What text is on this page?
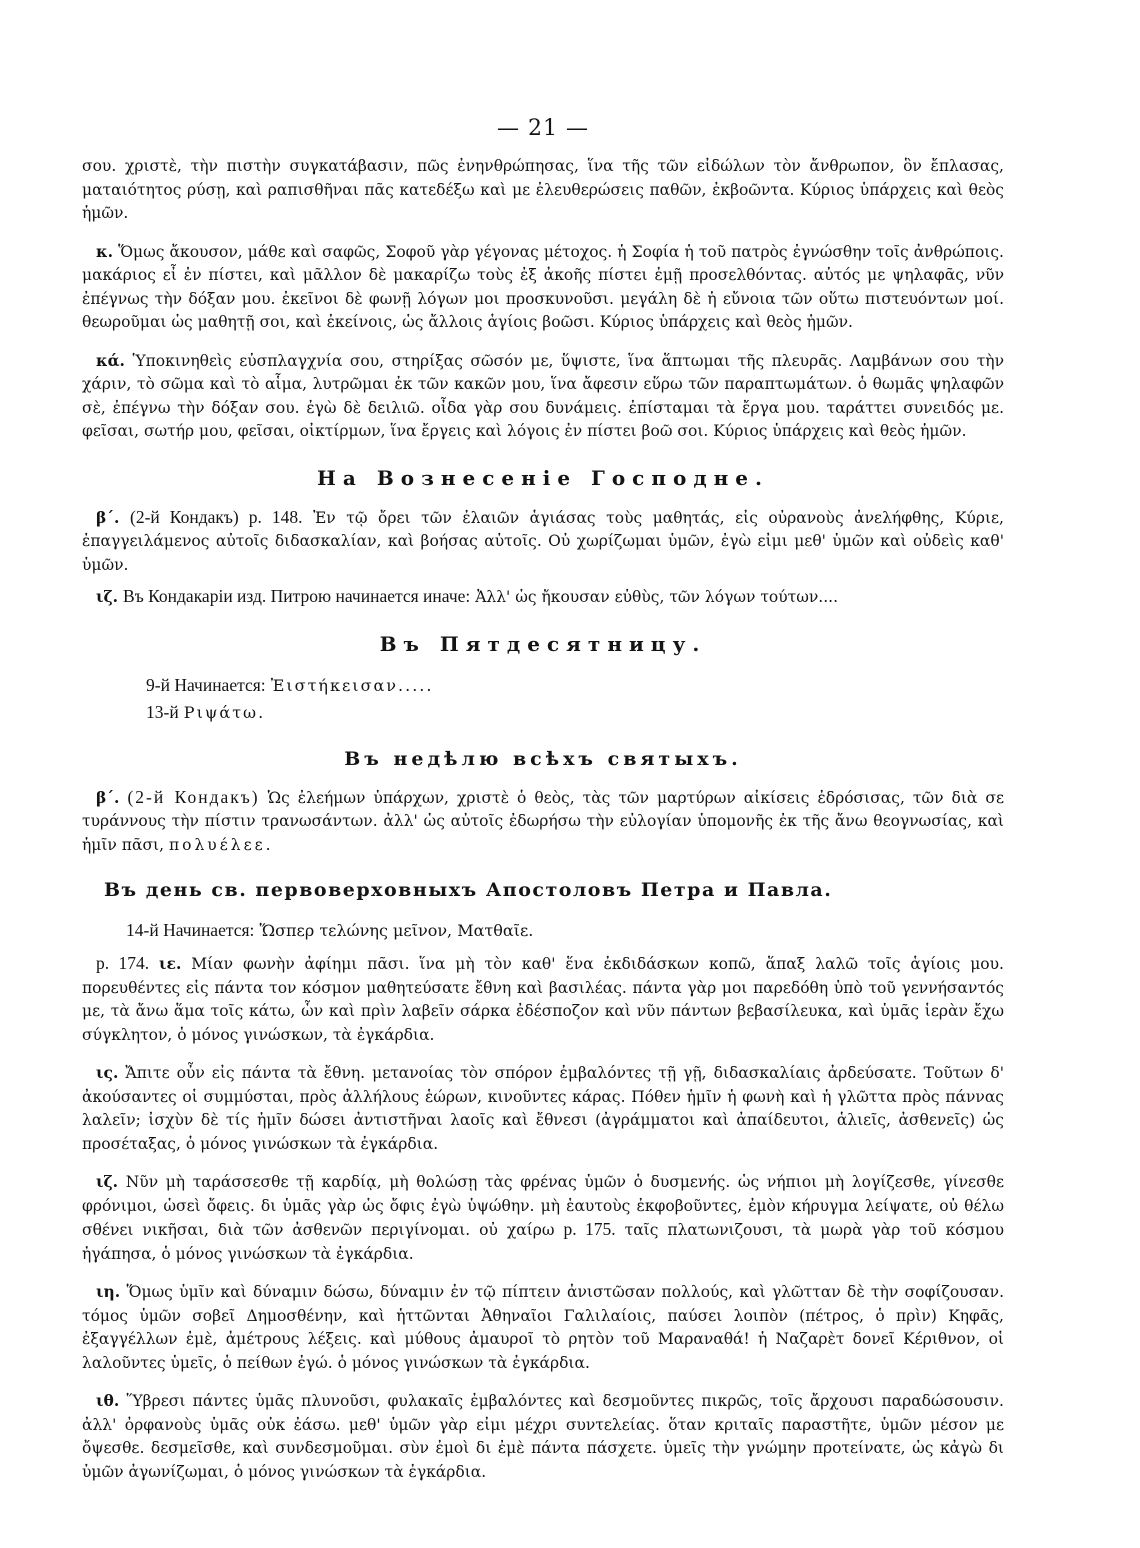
— 21 —

σου. χριστὲ, τὴν πιστὴν συγκατάβασιν, πῶς ἐνηνθρώπησας, ἵνα τῆς τῶν εἰδώλων τὸν ἄνθρωπον, ὃν ἔπλασας, ματαιότητος ρύσῃ, καὶ ραπισθῆναι πᾶς κατεδέξω καὶ με ἐλευθερώσεις παθῶν, ἐκβοῶντα. Κύριος ὑπάρχεις καὶ θεὸς ἡμῶν.

κ. Ὅμως ἄκουσον, μάθε καὶ σαφῶς, Σοφοῦ γὰρ γέγονας μέτοχος. ἡ Σοφία ἡ τοῦ πατρὸς ἐγνώσθην τοῖς ἀνθρώποις. μακάριος εἶ ἐν πίστει, καὶ μᾶλλον δὲ μακαρίζω τοὺς ἐξ ἀκοῆς πίστει ἐμῇ προσελθόντας. αὐτός με ψηλαφᾶς, νῦν ἐπέγνως τὴν δόξαν μου. ἐκεῖνοι δὲ φωνῇ λόγων μοι προσκυνοῦσι. μεγάλη δὲ ἡ εὔνοια τῶν οὕτω πιστευόντων μοί. θεωροῦμαι ὡς μαθητῇ σοι, καὶ ἐκείνοις, ὡς ἄλλοις ἁγίοις βοῶσι. Κύριος ὑπάρχεις καὶ θεὸς ἡμῶν.

κά. Ὑποκινηθεὶς εὐσπλαγχνία σου, στηρίξας σῶσόν με, ὕψιστε, ἵνα ἅπτωμαι τῆς πλευρᾶς. Λαμβάνων σου τὴν χάριν, τὸ σῶμα καὶ τὸ αἷμα, λυτρῶμαι ἐκ τῶν κακῶν μου, ἵνα ἄφεσιν εὕρω τῶν παραπτωμάτων. ὁ θωμᾶς ψηλαφῶν σὲ, ἐπέγνω τὴν δόξαν σου. ἐγὼ δὲ δειλιῶ. οἶδα γὰρ σου δυνάμεις. ἐπίσταμαι τὰ ἔργα μου. ταράττει συνειδός με. φεῖσαι, σωτήρ μου, φεῖσαι, οἰκτίρμων, ἵνα ἔργεις καὶ λόγοις ἐν πίστει βοῶ σοι. Κύριος ὑπάρχεις καὶ θεὸς ἡμῶν.

На Вознесеніе Господне.

β΄. (2-й Кондакъ) р. 148. Ἐν τῷ ὄρει τῶν ἐλαιῶν ἁγιάσας τοὺς μαθητάς, εἰς οὐρανοὺς ἀνελήφθης, Κύριε, ἐπαγγειλάμενος αὐτοῖς διδασκαλίαν, καὶ βοήσας αὐτοῖς. Οὐ χωρίζωμαι ὑμῶν, ἐγὼ εἰμι μεθ' ὑμῶν καὶ οὐδεὶς καθ' ὑμῶν.

ιζ. Въ Кондакаріи изд. Питрою начинается иначе: Ἀλλ' ὡς ἤκουσαν εὐθὺς, τῶν λόγων τούτων....

Въ Пятдесятницу.
9-й Начинается: Ἐιστήκεισαν.....
13-й Ριψάτω.
Въ недѣлю всѣхъ святыхъ.

β΄. (2-й Кондакъ) Ὡς ἐλεήμων ὑπάρχων, χριστὲ ὁ θεὸς, τὰς τῶν μαρτύρων αἰκίσεις ἐδρόσισας, τῶν διὰ σε τυράννους τὴν πίστιν τρανωσάντων. ἀλλ' ὡς αὐτοῖς ἐδωρήσω τὴν εὐλογίαν ὑπομονῆς ἐκ τῆς ἄνω θεογνωσίας, καὶ ἡμῖν πᾶσι, πολυέλεε.

Въ день св. первоверховныхъ Апостоловъ Петра и Павла.
14-й Начинается: Ὥσπερ τελώνης μεῖνον, Ματθαῖε.

р. 174. ιε. Μίαν φωνὴν ἀφίημι πᾶσι. ἵνα μὴ τὸν καθ' ἕνα ἐκδιδάσκων κοπῶ, ἅπαξ λαλῶ τοῖς ἁγίοις μου. πορευθέντες εἰς πάντα τον κόσμον μαθητεύσατε ἔθνη καὶ βασιλέας. πάντα γὰρ μοι παρεδόθη ὑπὸ τοῦ γεννήσαντός με, τὰ ἄνω ἅμα τοῖς κάτω, ὧν καὶ πρὶν λαβεῖν σάρκα ἐδέσποζον καὶ νῦν πάντων βεβασίλευκα, καὶ ὑμᾶς ἱερὰν ἔχω σύγκλητον, ὁ μόνος γινώσκων, τὰ ἐγκάρδια.

ις. Ἄπιτε οὖν εἰς πάντα τὰ ἔθνη. μετανοίας τὸν σπόρον ἐμβαλόντες τῇ γῇ, διδασκαλίαις ἀρδεύσατε. Τοῦτων δ' ἀκούσαντες οἱ συμμύσται, πρὸς ἀλλήλους ἑώρων, κινοῦντες κάρας. Πόθεν ἡμῖν ἡ φωνὴ καὶ ἡ γλῶττα πρὸς πάννας λαλεῖν; ἰσχὺν δὲ τίς ἡμῖν δώσει ἀντιστῆναι λαοῖς καὶ ἔθνεσι (ἀγράμματοι καὶ ἀπαίδευτοι, ἁλιεῖς, ἀσθενεῖς) ὡς προσέταξας, ὁ μόνος γινώσκων τὰ ἐγκάρδια.

ιζ. Νῦν μὴ ταράσσεσθε τῇ καρδίᾳ, μὴ θολώσῃ τὰς φρένας ὑμῶν ὁ δυσμενής. ὡς νήπιοι μὴ λογίζεσθε, γίνεσθε φρόνιμοι, ὡσεὶ ὄφεις. δι ὑμᾶς γὰρ ὡς ὄφις ἐγὼ ὑψώθην. μὴ ἑαυτοὺς ἐκφοβοῦντες, ἐμὸν κήρυγμα λείψατε, οὐ θέλω σθένει νικῆσαι, διὰ τῶν ἀσθενῶν περιγίνομαι. οὐ χαίρω р. 175. ταῖς πλατωνιζουσι, τὰ μωρὰ γὰρ τοῦ κόσμου ἠγάπησα, ὁ μόνος γινώσκων τὰ ἐγκάρδια.

ιη. Ὅμως ὑμῖν καὶ δύναμιν δώσω, δύναμιν ἐν τῷ πίπτειν ἀνιστῶσαν πολλούς, καὶ γλῶτταν δὲ τὴν σοφίζουσαν. τόμος ὑμῶν σοβεῖ Δημοσθένην, καὶ ἡττῶνται Ἀθηναῖοι Γαλιλαίοις, παύσει λοιπὸν (πέτρος, ὁ πρὶν) Κηφᾶς, ἐξαγγέλλων ἐμὲ, ἀμέτρους λέξεις. καὶ μύθους ἀμαυροῖ τὸ ρητὸν τοῦ Μαραναθά! ἡ Ναζαρὲτ δονεῖ Κέριθνον, οἱ λαλοῦντες ὑμεῖς, ὁ πείθων ἐγώ. ὁ μόνος γινώσκων τὰ ἐγκάρδια.

ιθ. Ὕβρεσι πάντες ὑμᾶς πλυνοῦσι, φυλακαῖς ἐμβαλόντες καὶ δεσμοῦντες πικρῶς, τοῖς ἄρχουσι παραδώσουσιν. ἀλλ' ὀρφανοὺς ὑμᾶς οὐκ ἐάσω. μεθ' ὑμῶν γὰρ εἰμι μέχρι συντελείας. ὅταν κριταῖς παραστῆτε, ὑμῶν μέσον με ὄψεσθε. δεσμεῖσθε, καὶ συνδεσμοῦμαι. σὺν ἐμοὶ δι ἐμὲ πάντα πάσχετε. ὑμεῖς τὴν γνώμην προτείνατε, ὡς κἀγὼ δι ὑμῶν ἀγωνίζωμαι, ὁ μόνος γινώσκων τὰ ἐγκάρδια.
